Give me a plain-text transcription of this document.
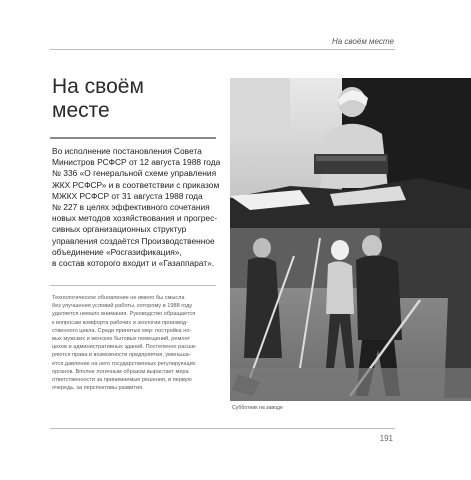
На своём месте
На своём
месте
Во исполнение постановления Совета
Министров РСФСР от 12 августа 1988 года
№ 336 «О генеральной схеме управления
ЖКХ РСФСР» и в соответствии с приказом
МЖКХ РСФСР от 31 августа 1988 года
№ 227 в целях эффективного сочетания
новых методов хозяйствования и прогрес-
сивных организационных структур
управления создаётся Производственное
объединение «Росгазификация»,
в состав которого входит и «Газаппарат».
Технологическое обновление не имело бы смысла
без улучшения условий работы, которому в 1988 году
уделяется немало внимания. Руководство обращается
к вопросам комфорта рабочих и экологии производ-
ственного цикла. Среди принятых мер: постройка но-
вых мужских и женских бытовых помещений, ремонт
цехов и административных зданий. Постепенно расши-
ряются права и возможности предприятия, уменьша-
ется давление на него государственных регулирующих
органов. Вполне логичным образом вырастает мера
ответственности за принимаемые решения, в первую
очередь, за перспективы развития.
Субботник на заводе
191
